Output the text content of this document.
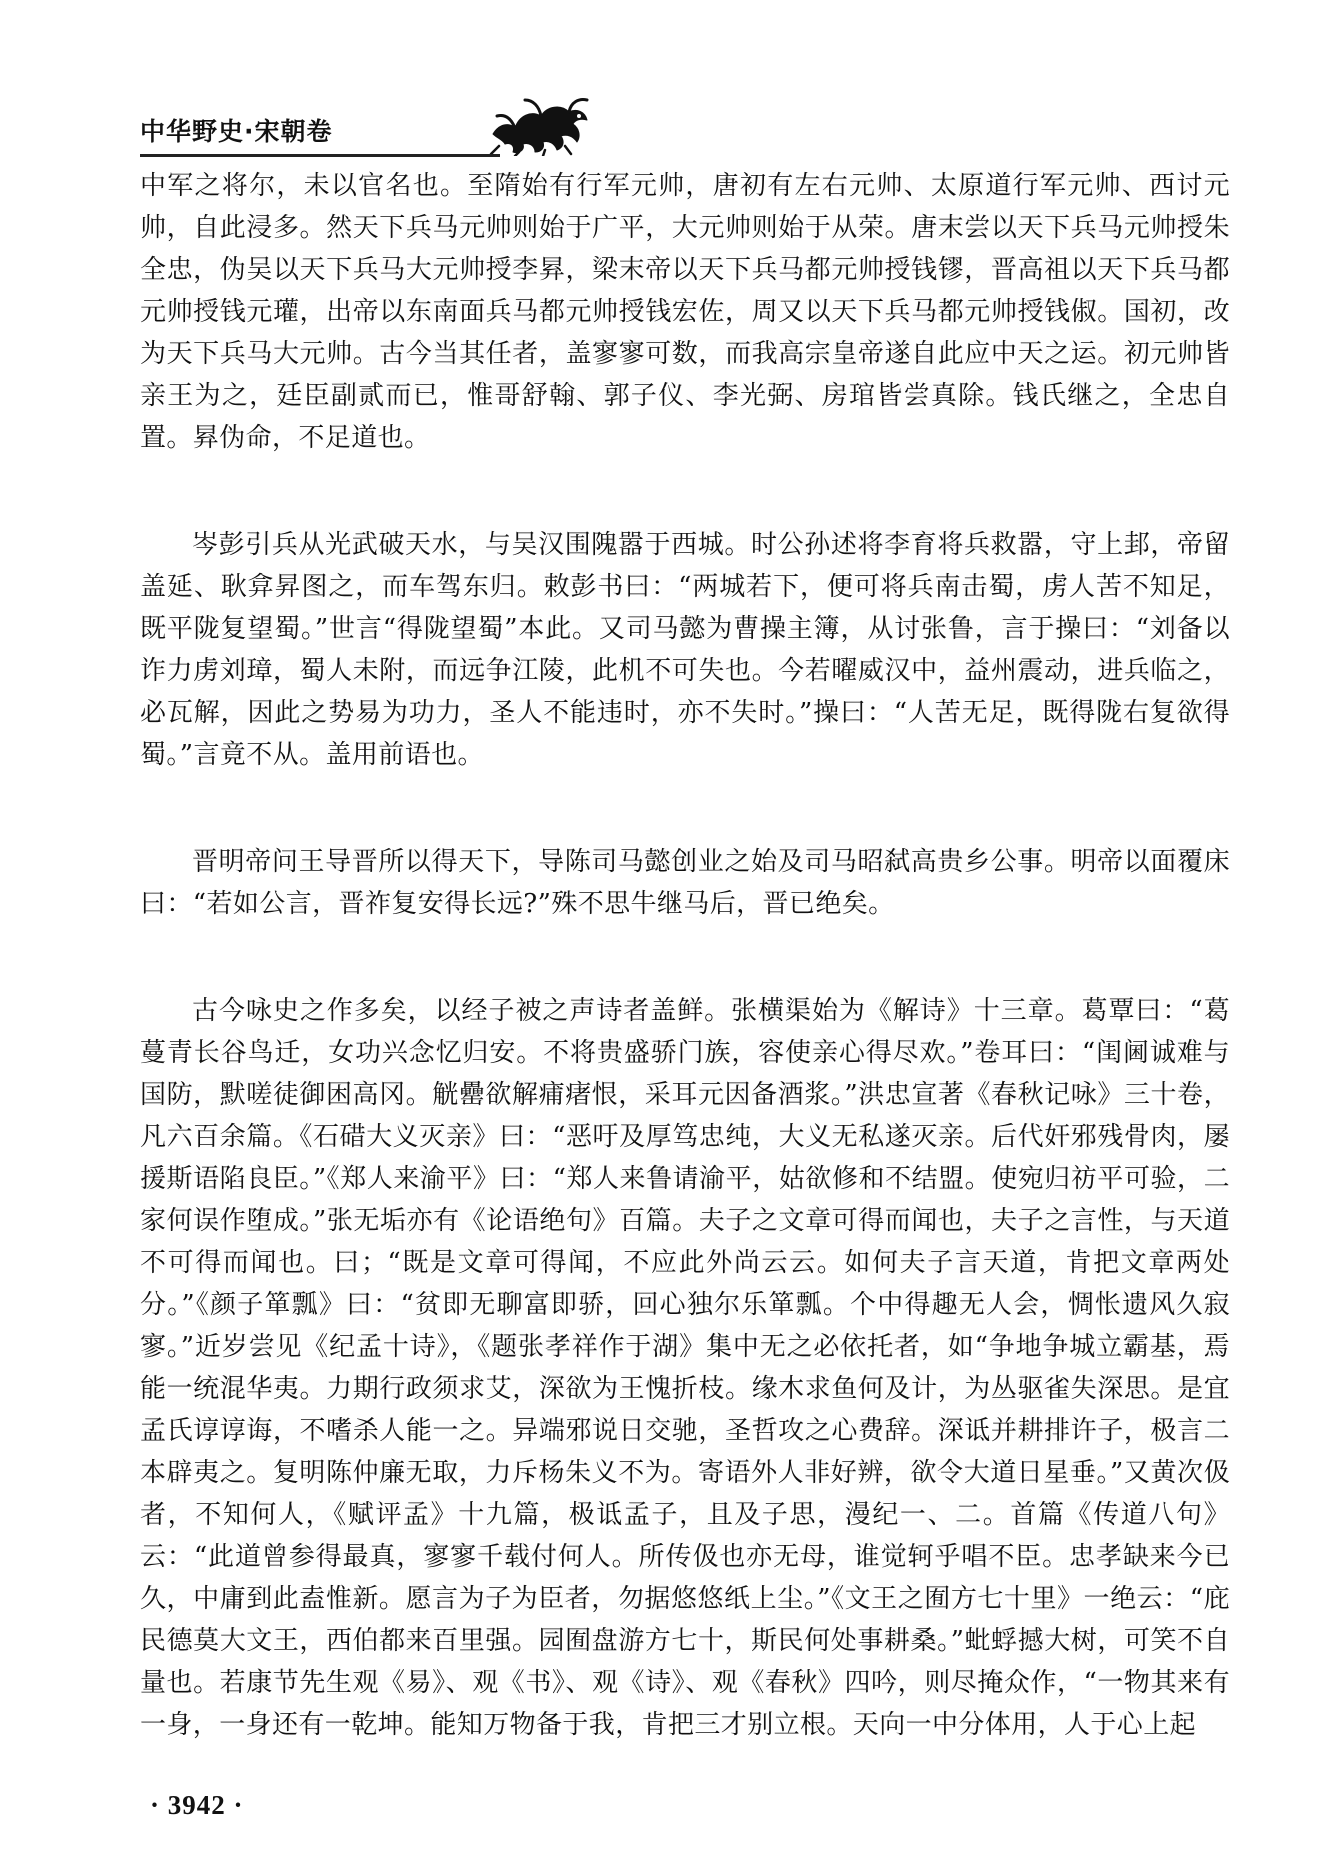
中华野史·宋朝卷

中军之将尔，未以官名也。至隋始有行军元帅，唐初有左右元帅、太原道行军元帅、西讨元帅，自此浸多。然天下兵马元帅则始于广平，大元帅则始于从荣。唐末尝以天下兵马元帅授朱全忠，伪吴以天下兵马大元帅授李昪，梁末帝以天下兵马都元帅授钱镠，晋高祖以天下兵马都元帅授钱元瓘，出帝以东南面兵马都元帅授钱宏佐，周又以天下兵马都元帅授钱俶。国初，改为天下兵马大元帅。古今当其任者，盖寥寥可数，而我高宗皇帝遂自此应中天之运。初元帅皆亲王为之，廷臣副贰而已，惟哥舒翰、郭子仪、李光弼、房琯皆尝真除。钱氏继之，全忠自置。昪伪命，不足道也。

岑彭引兵从光武破天水，与吴汉围隗嚣于西城。时公孙述将李育将兵救嚣，守上邽，帝留盖延、耿弇昇图之，而车驾东归。敕彭书曰：“两城若下，便可将兵南击蜀，虏人苦不知足，既平陇复望蜀。”世言“得陇望蜀”本此。又司马懿为曹操主簿，从讨张鲁，言于操曰：“刘备以诈力虏刘璋，蜀人未附，而远争江陵，此机不可失也。今若曜威汉中，益州震动，进兵临之，必瓦解，因此之势易为功力，圣人不能违时，亦不失时。”操曰：“人苦无足，既得陇右复欲得蜀。”言竟不从。盖用前语也。

晋明帝问王导晋所以得天下，导陈司马懿创业之始及司马昭弑高贵乡公事。明帝以面覆床曰：“若如公言，晋祚复安得长远?”殊不思牛继马后，晋已绝矣。

古今咏史之作多矣，以经子被之声诗者盖鲜。张横渠始为《解诗》十三章。葛覃曰：“葛蔓青长谷鸟迁，女功兴念忆归安。不将贵盛骄门族，容使亲心得尽欢。”卷耳曰：“闺阃诚难与国防，默嗟徒御困高冈。觥罍欲解痡瘏恨，采耳元因备酒浆。”洪忠宣著《春秋记咏》三十卷，凡六百余篇。《石碏大义灭亲》曰：“恶吁及厚笃忠纯，大义无私遂灭亲。后代奸邪残骨肉，屡援斯语陷良臣。”《郑人来渝平》曰：“郑人来鲁请渝平，姑欲修和不结盟。使宛归祊平可验，二家何误作堕成。”张无垢亦有《论语绝句》百篇。夫子之文章可得而闻也，夫子之言性，与天道不可得而闻也。曰；“既是文章可得闻，不应此外尚云云。如何夫子言天道，肯把文章两处分。”《颜子箪瓢》曰：“贫即无聊富即骄，回心独尔乐箪瓢。个中得趣无人会，惆怅遗风久寂寥。”近岁尝见《纪孟十诗》，《题张孝祥作于湖》集中无之必依托者，如“争地争城立霸基，焉能一统混华夷。力期行政须求艾，深欲为王愧折枝。缘木求鱼何及计，为丛驱雀失深思。是宜孟氏谆谆诲，不嗜杀人能一之。异端邪说日交驰，圣哲攻之心费辞。深诋并耕排许子，极言二本辟夷之。复明陈仲廉无取，力斥杨朱义不为。寄语外人非好辨，欲令大道日星垂。”又黄次伋者，不知何人，《赋评孟》十九篇，极诋孟子，且及子思，漫纪一、二。首篇《传道八句》云：“此道曾参得最真，寥寥千载付何人。所传伋也亦无母，谁觉轲乎唱不臣。忠孝缺来今已久，中庸到此盍惟新。愿言为子为臣者，勿据悠悠纸上尘。”《文王之囿方七十里》一绝云：“庇民德莫大文王，西伯都来百里强。园囿盘游方七十，斯民何处事耕桑。”蚍蜉撼大树，可笑不自量也。若康节先生观《易》、观《书》、观《诗》、观《春秋》四吟，则尽掩众作，“一物其来有一身，一身还有一乾坤。能知万物备于我，肯把三才别立根。天向一中分体用，人于心上起

· 3942 ·
